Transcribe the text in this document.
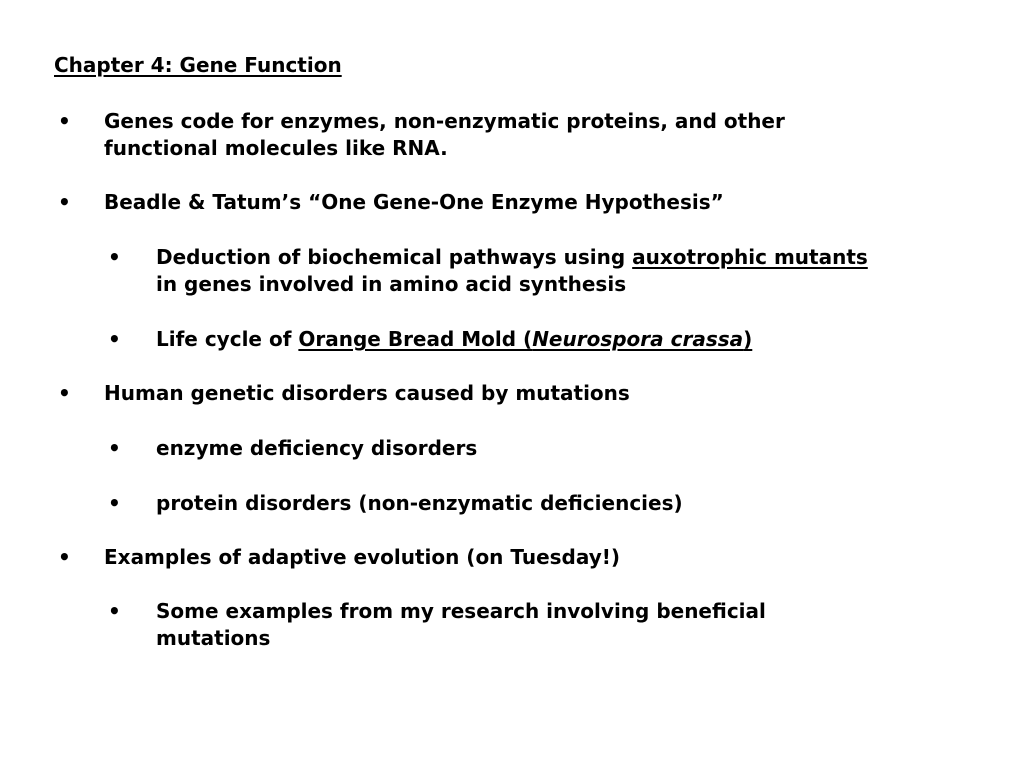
Chapter 4: Gene Function
• Genes code for enzymes, non-enzymatic proteins, and other functional molecules like RNA.
• Beadle & Tatum’s “One Gene-One Enzyme Hypothesis”
• Deduction of biochemical pathways using auxotrophic mutants in genes involved in amino acid synthesis
• Life cycle of Orange Bread Mold (Neurospora crassa)
• Human genetic disorders caused by mutations
• enzyme deficiency disorders
• protein disorders (non-enzymatic deficiencies)
• Examples of adaptive evolution (on Tuesday!)
• Some examples from my research involving beneficial mutations
